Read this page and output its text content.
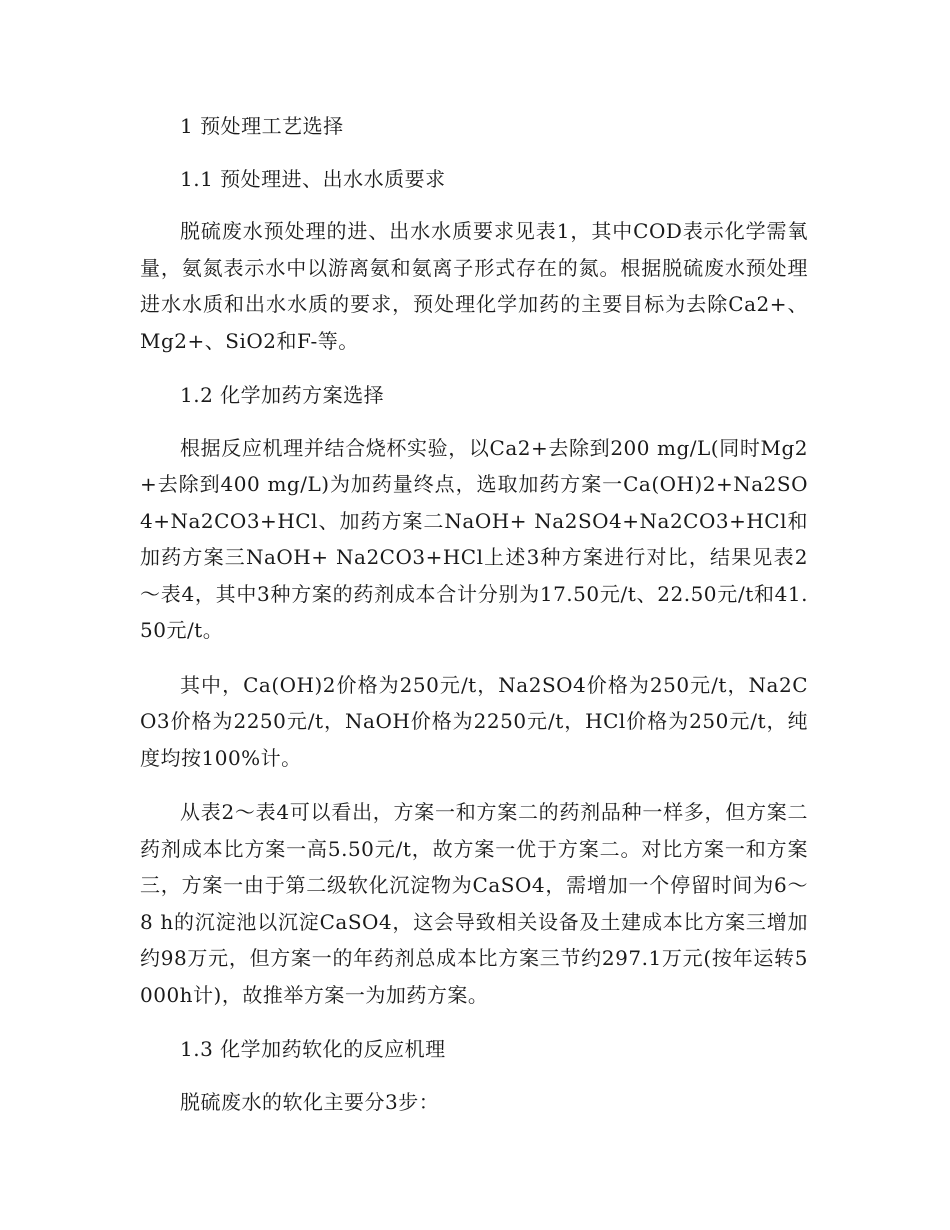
1 预处理工艺选择

1.1 预处理进、出水水质要求

脱硫废水预处理的进、出水水质要求见表1，其中COD表示化学需氧量，氨氮表示水中以游离氨和氨离子形式存在的氮。根据脱硫废水预处理进水水质和出水水质的要求，预处理化学加药的主要目标为去除Ca2+、Mg2+、SiO2和F-等。

1.2 化学加药方案选择

根据反应机理并结合烧杯实验，以Ca2+去除到200 mg/L(同时Mg2+去除到400 mg/L)为加药量终点，选取加药方案一Ca(OH)2+Na2SO4+Na2CO3+HCl、加药方案二NaOH+ Na2SO4+Na2CO3+HCl和加药方案三NaOH+ Na2CO3+HCl上述3种方案进行对比，结果见表2～表4，其中3种方案的药剂成本合计分别为17.50元/t、22.50元/t和41.50元/t。

其中，Ca(OH)2价格为250元/t，Na2SO4价格为250元/t，Na2CO3价格为2250元/t，NaOH价格为2250元/t，HCl价格为250元/t，纯度均按100%计。

从表2～表4可以看出，方案一和方案二的药剂品种一样多，但方案二药剂成本比方案一高5.50元/t，故方案一优于方案二。对比方案一和方案三，方案一由于第二级软化沉淀物为CaSO4，需增加一个停留时间为6～8 h的沉淀池以沉淀CaSO4，这会导致相关设备及土建成本比方案三增加约98万元，但方案一的年药剂总成本比方案三节约297.1万元(按年运转5000h计)，故推举方案一为加药方案。

1.3 化学加药软化的反应机理

脱硫废水的软化主要分3步：
